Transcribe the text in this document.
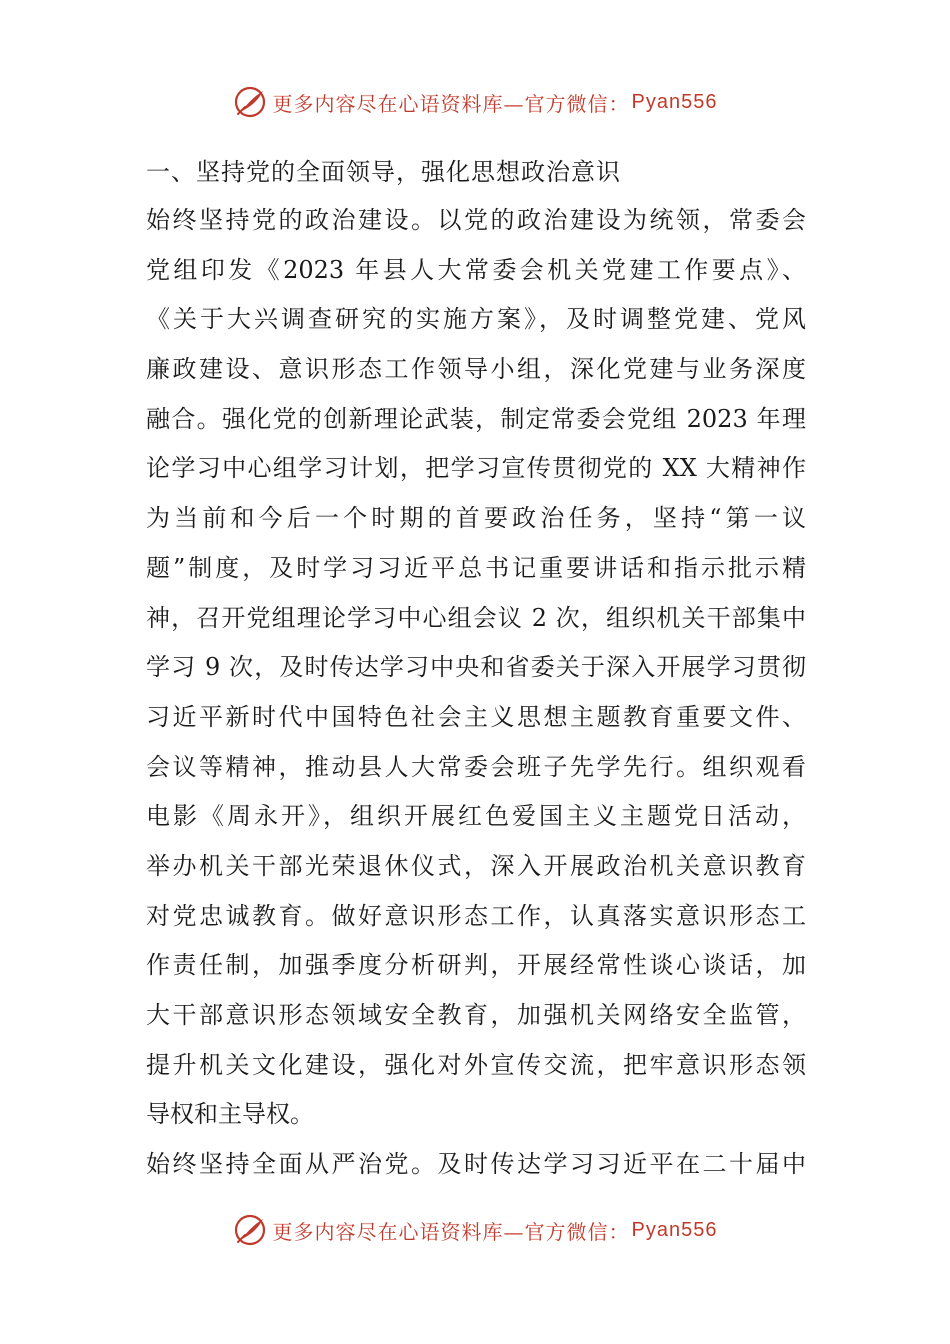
更多内容尽在心语资料库—官方微信： Pyan556
一、坚持党的全面领导，强化思想政治意识
始终坚持党的政治建设。以党的政治建设为统领，常委会
党组印发《2023 年县人大常委会机关党建工作要点》、
《关于大兴调查研究的实施方案》，及时调整党建、党风
廉政建设、意识形态工作领导小组，深化党建与业务深度
融合。强化党的创新理论武装，制定常委会党组 2023 年理
论学习中心组学习计划，把学习宣传贯彻党的 XX 大精神作
为当前和今后一个时期的首要政治任务，坚持“第一议
题”制度，及时学习习近平总书记重要讲话和指示批示精
神，召开党组理论学习中心组会议 2 次，组织机关干部集中
学习 9 次，及时传达学习中央和省委关于深入开展学习贯彻
习近平新时代中国特色社会主义思想主题教育重要文件、
会议等精神，推动县人大常委会班子先学先行。组织观看
电影《周永开》，组织开展红色爱国主义主题党日活动，
举办机关干部光荣退休仪式，深入开展政治机关意识教育
对党忠诚教育。做好意识形态工作，认真落实意识形态工
作责任制，加强季度分析研判，开展经常性谈心谈话，加
大干部意识形态领域安全教育，加强机关网络安全监管，
提升机关文化建设，强化对外宣传交流，把牢意识形态领
导权和主导权。
始终坚持全面从严治党。及时传达学习习近平在二十届中
更多内容尽在心语资料库—官方微信： Pyan556
